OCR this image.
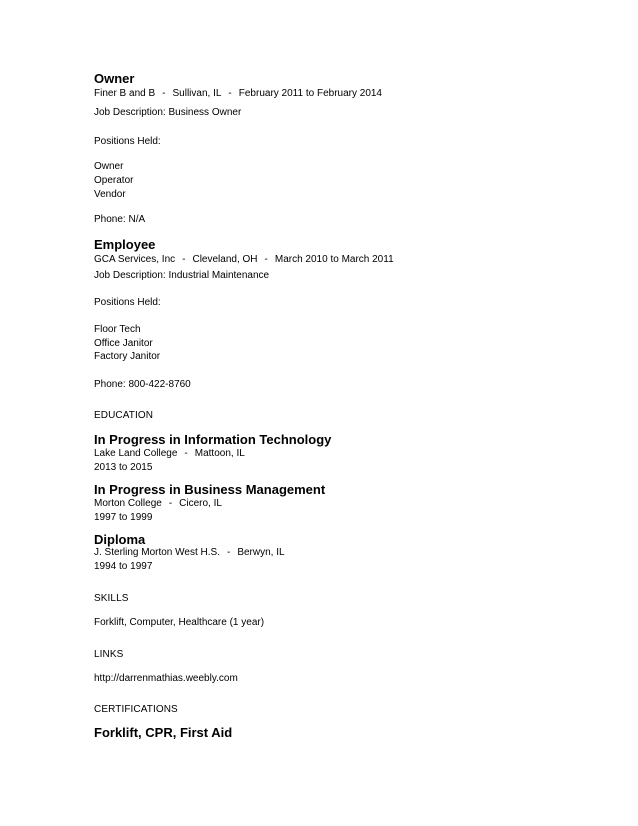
Owner
Finer B and B - Sullivan, IL - February 2011 to February 2014
Job Description: Business Owner
Positions Held:
Owner
Operator
Vendor
Phone: N/A
Employee
GCA Services, Inc - Cleveland, OH - March 2010 to March 2011
Job Description: Industrial Maintenance
Positions Held:
Floor Tech
Office Janitor
Factory Janitor
Phone: 800-422-8760
EDUCATION
In Progress in Information Technology
Lake Land College - Mattoon, IL
2013 to 2015
In Progress in Business Management
Morton College - Cicero, IL
1997 to 1999
Diploma
J. Sterling Morton West H.S. - Berwyn, IL
1994 to 1997
SKILLS
Forklift, Computer, Healthcare (1 year)
LINKS
http://darrenmathias.weebly.com
CERTIFICATIONS
Forklift, CPR, First Aid
